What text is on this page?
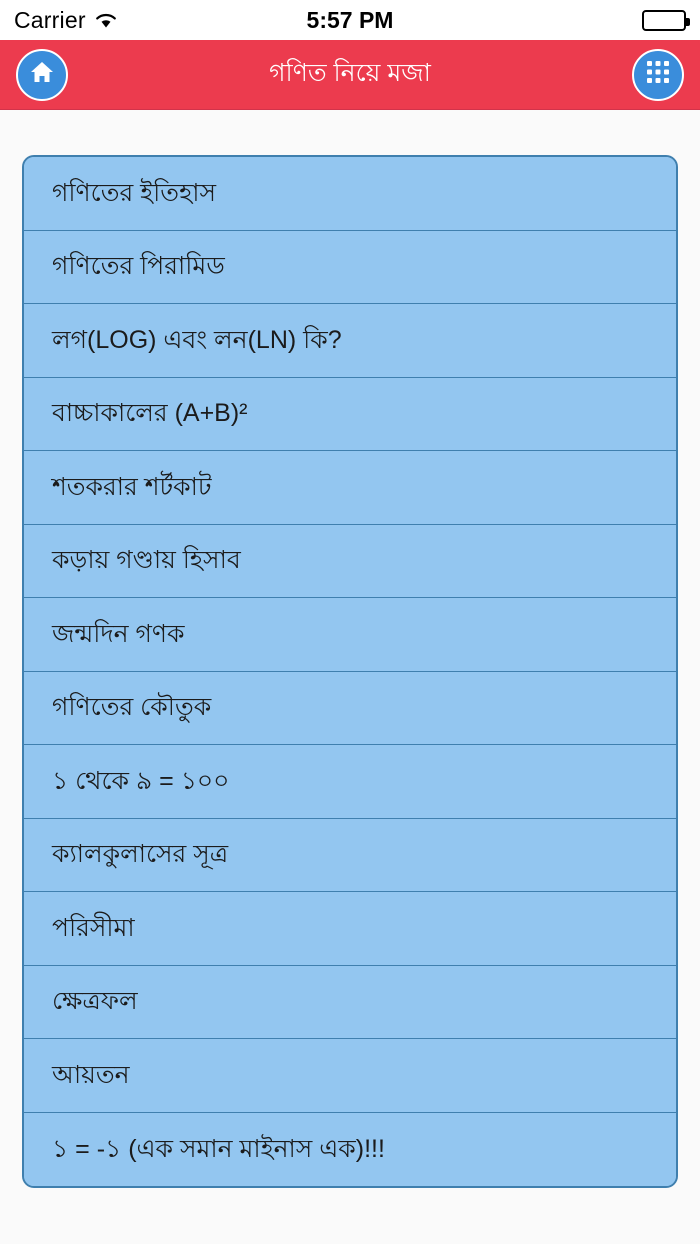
Carrier	5:57 PM
গণিত নিয়ে মজা
গণিতের ইতিহাস
গণিতের পিরামিড
লগ(LOG) এবং লন(LN) কি?
বাচ্চাকালের (A+B)²
শতকরার শর্টকাট
কড়ায় গণ্ডায় হিসাব
জন্মদিন গণক
গণিতের কৌতুক
১ থেকে ৯ = ১০০
ক্যালকুলাসের সূত্র
পরিসীমা
ক্ষেত্রফল
আয়তন
১ = -১ (এক সমান মাইনাস এক)!!!
